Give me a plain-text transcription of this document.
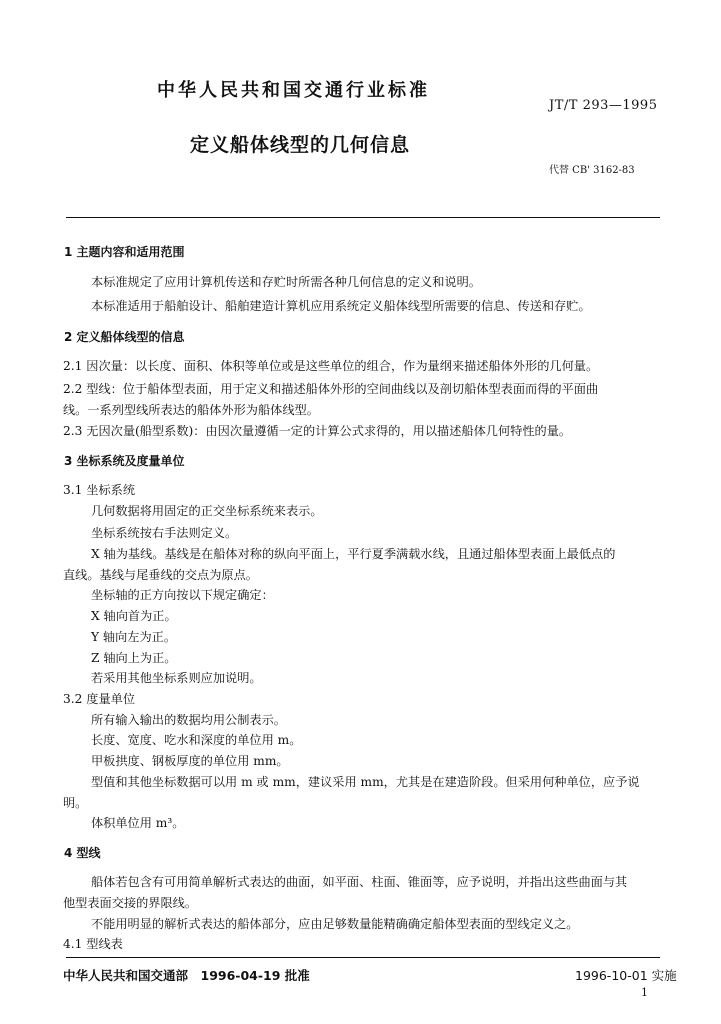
中华人民共和国交通行业标准
JT/T 293—1995
定义船体线型的几何信息
代替 CB' 3162-83
1 主题内容和适用范围
本标准规定了应用计算机传送和存贮时所需各种几何信息的定义和说明。
本标准适用于船舶设计、船舶建造计算机应用系统定义船体线型所需要的信息、传送和存贮。
2 定义船体线型的信息
2.1 因次量：以长度、面积、体积等单位或是这些单位的组合，作为量纲来描述船体外形的几何量。
2.2 型线：位于船体型表面，用于定义和描述船体外形的空间曲线以及剖切船体型表面而得的平面曲
线。一系列型线所表达的船体外形为船体线型。
2.3 无因次量(船型系数)：由因次量遵循一定的计算公式求得的，用以描述船体几何特性的量。
3 坐标系统及度量单位
3.1 坐标系统
几何数据将用固定的正交坐标系统来表示。
坐标系统按右手法则定义。
X 轴为基线。基线是在船体对称的纵向平面上，平行夏季满载水线，且通过船体型表面上最低点的
直线。基线与尾垂线的交点为原点。
坐标轴的正方向按以下规定确定：
X 轴向首为正。
Y 轴向左为正。
Z 轴向上为正。
若采用其他坐标系则应加说明。
3.2 度量单位
所有输入输出的数据均用公制表示。
长度、宽度、吃水和深度的单位用 m。
甲板拱度、钢板厚度的单位用 mm。
型值和其他坐标数据可以用 m 或 mm，建议采用 mm，尤其是在建造阶段。但采用何种单位，应予说
明。
体积单位用 m³。
4 型线
船体若包含有可用简单解析式表达的曲面，如平面、柱面、锥面等，应予说明，并指出这些曲面与其
他型表面交接的界限线。
不能用明显的解析式表达的船体部分，应由足够数量能精确确定船体型表面的型线定义之。
4.1 型线表
中华人民共和国交通部　1996-04-19 批准	1996-10-01 实施
1
